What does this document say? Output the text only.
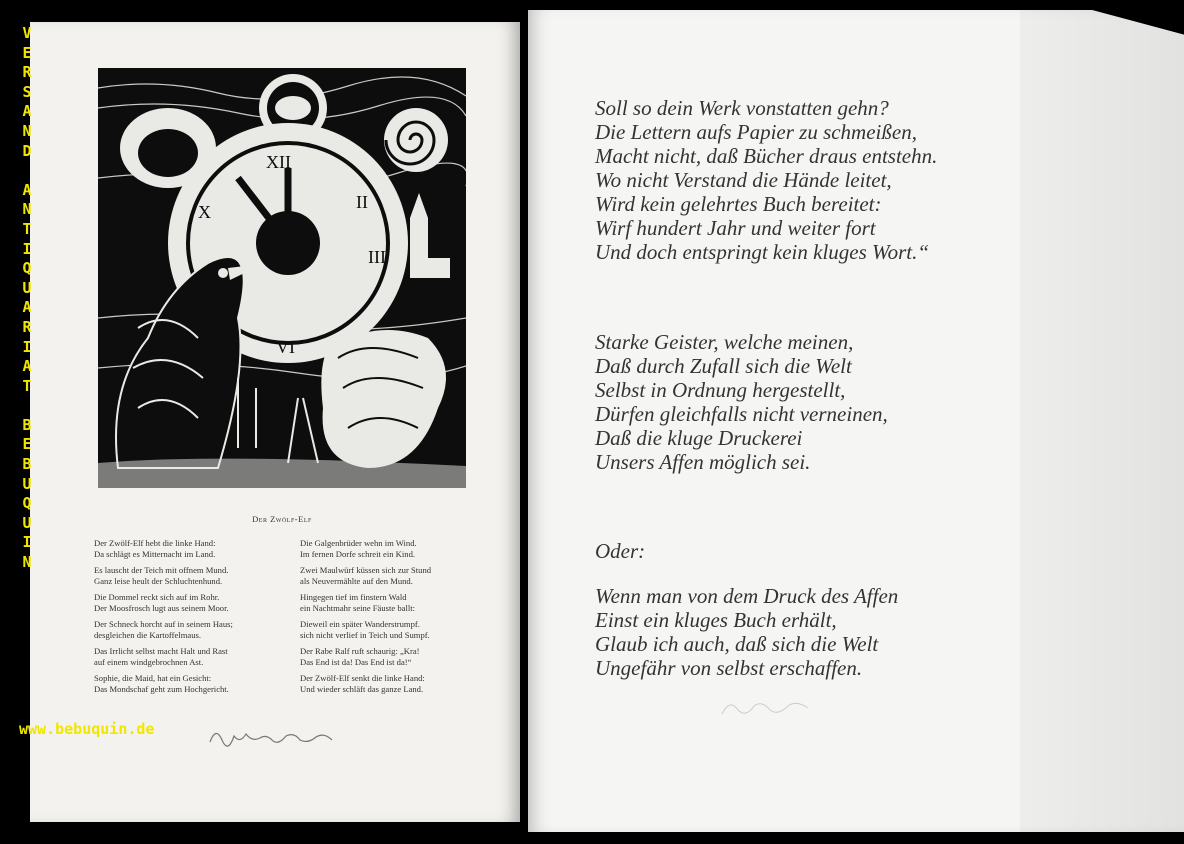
XII
II
X
III
VI
Der Zwölf-Elf
Der Zwölf-Elf hebt die linke Hand:
Da schlägt es Mitternacht im Land.
Es lauscht der Teich mit offnem Mund.
Ganz leise heult der Schluchtenhund.
Die Dommel reckt sich auf im Rohr.
Der Moosfrosch lugt aus seinem Moor.
Der Schneck horcht auf in seinem Haus;
desgleichen die Kartoffelmaus.
Das Irrlicht selbst macht Halt und Rast
auf einem windgebrochnen Ast.
Sophie, die Maid, hat ein Gesicht:
Das Mondschaf geht zum Hochgericht.
Die Galgenbrüder wehn im Wind.
Im fernen Dorfe schreit ein Kind.
Zwei Maulwürf küssen sich zur Stund
als Neuvermählte auf den Mund.
Hingegen tief im finstern Wald
ein Nachtmahr seine Fäuste ballt:
Dieweil ein später Wanderstrumpf.
sich nicht verlief in Teich und Sumpf.
Der Rabe Ralf ruft schaurig: „Kra!
Das End ist da! Das End ist da!“
Der Zwölf-Elf senkt die linke Hand:
Und wieder schläft das ganze Land.
Soll so dein Werk vonstatten gehn?
Die Lettern aufs Papier zu schmeißen,
Macht nicht, daß Bücher draus entstehn.
Wo nicht Verstand die Hände leitet,
Wird kein gelehrtes Buch bereitet:
Wirf hundert Jahr und weiter fort
Und doch entspringt kein kluges Wort.“
Starke Geister, welche meinen,
Daß durch Zufall sich die Welt
Selbst in Ordnung hergestellt,
Dürfen gleichfalls nicht verneinen,
Daß die kluge Druckerei
Unsers Affen möglich sei.
Oder:
Wenn man von dem Druck des Affen
Einst ein kluges Buch erhält,
Glaub ich auch, daß sich die Welt
Ungefähr von selbst erschaffen.
V
E
R
S
A
N
D

A
N
T
I
Q
U
A
R
I
A
T

B
E
B
U
Q
U
I
N
www.bebuquin.de
